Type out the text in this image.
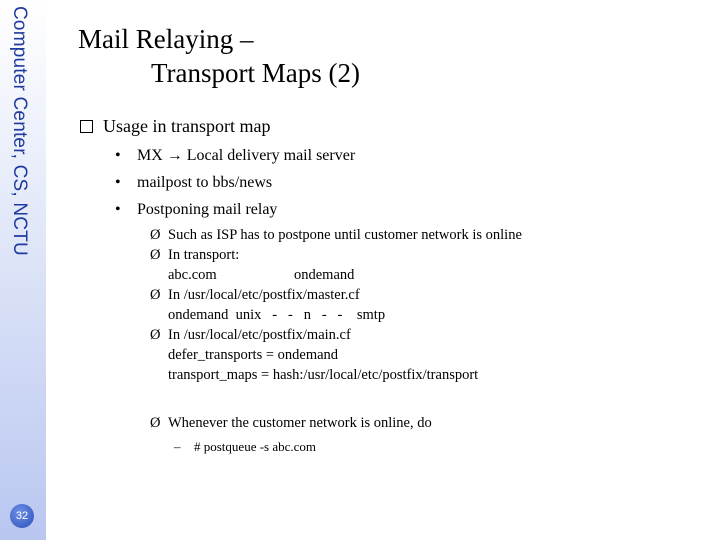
Computer Center, CS, NCTU
32
Mail Relaying –
Transport Maps (2)
Usage in transport map
•	MX → Local delivery mail server
•	mailpost to bbs/news
•	Postponing mail relay
Ø Such as ISP has to postpone until customer network is online
Ø In transport:
abc.com	ondemand
Ø In /usr/local/etc/postfix/master.cf
ondemand  unix   -   -   n   -   -    smtp
Ø In /usr/local/etc/postfix/main.cf
defer_transports = ondemand
transport_maps = hash:/usr/local/etc/postfix/transport
Ø Whenever the customer network is online, do
–	# postqueue -s abc.com
